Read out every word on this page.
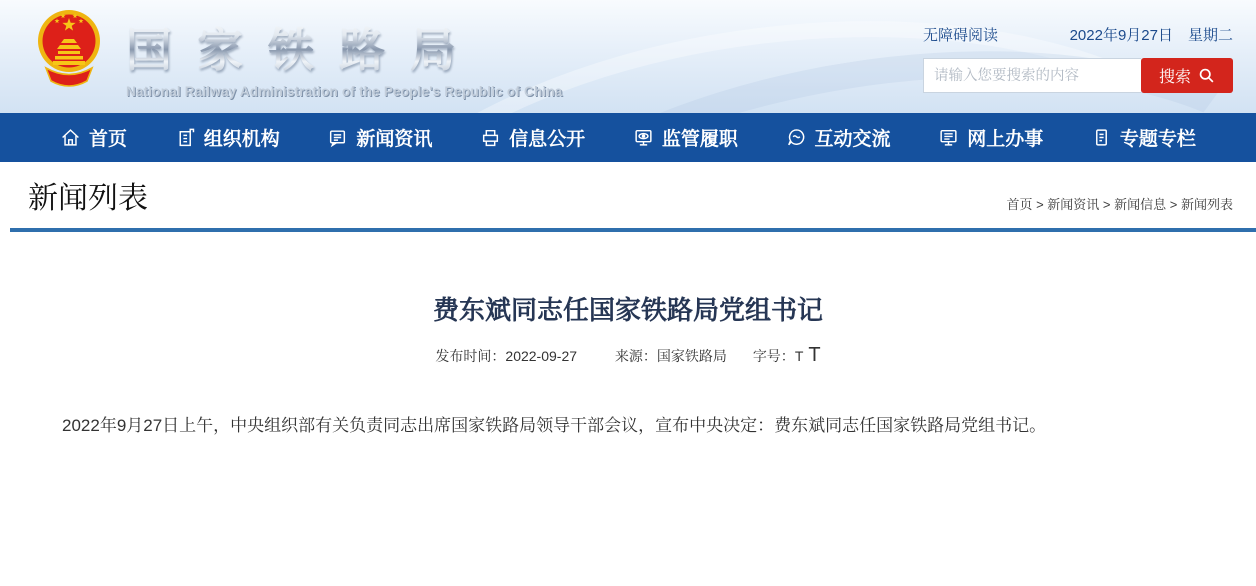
国家铁路局
National Railway Administration of the People's Republic of China
无障碍阅读	2022年9月27日　星期二
请输入您要搜索的内容
搜索
首页	组织机构	新闻资讯	信息公开	监管履职	互动交流	网上办事	专题专栏
新闻列表	首页 > 新闻资讯 > 新闻信息 > 新闻列表
费东斌同志任国家铁路局党组书记
发布时间：2022-09-27	来源：国家铁路局 字号：T T

2022年9月27日上午，中央组织部有关负责同志出席国家铁路局领导干部会议，宣布中央决定：费东斌同志任国家铁路局党组书记。
